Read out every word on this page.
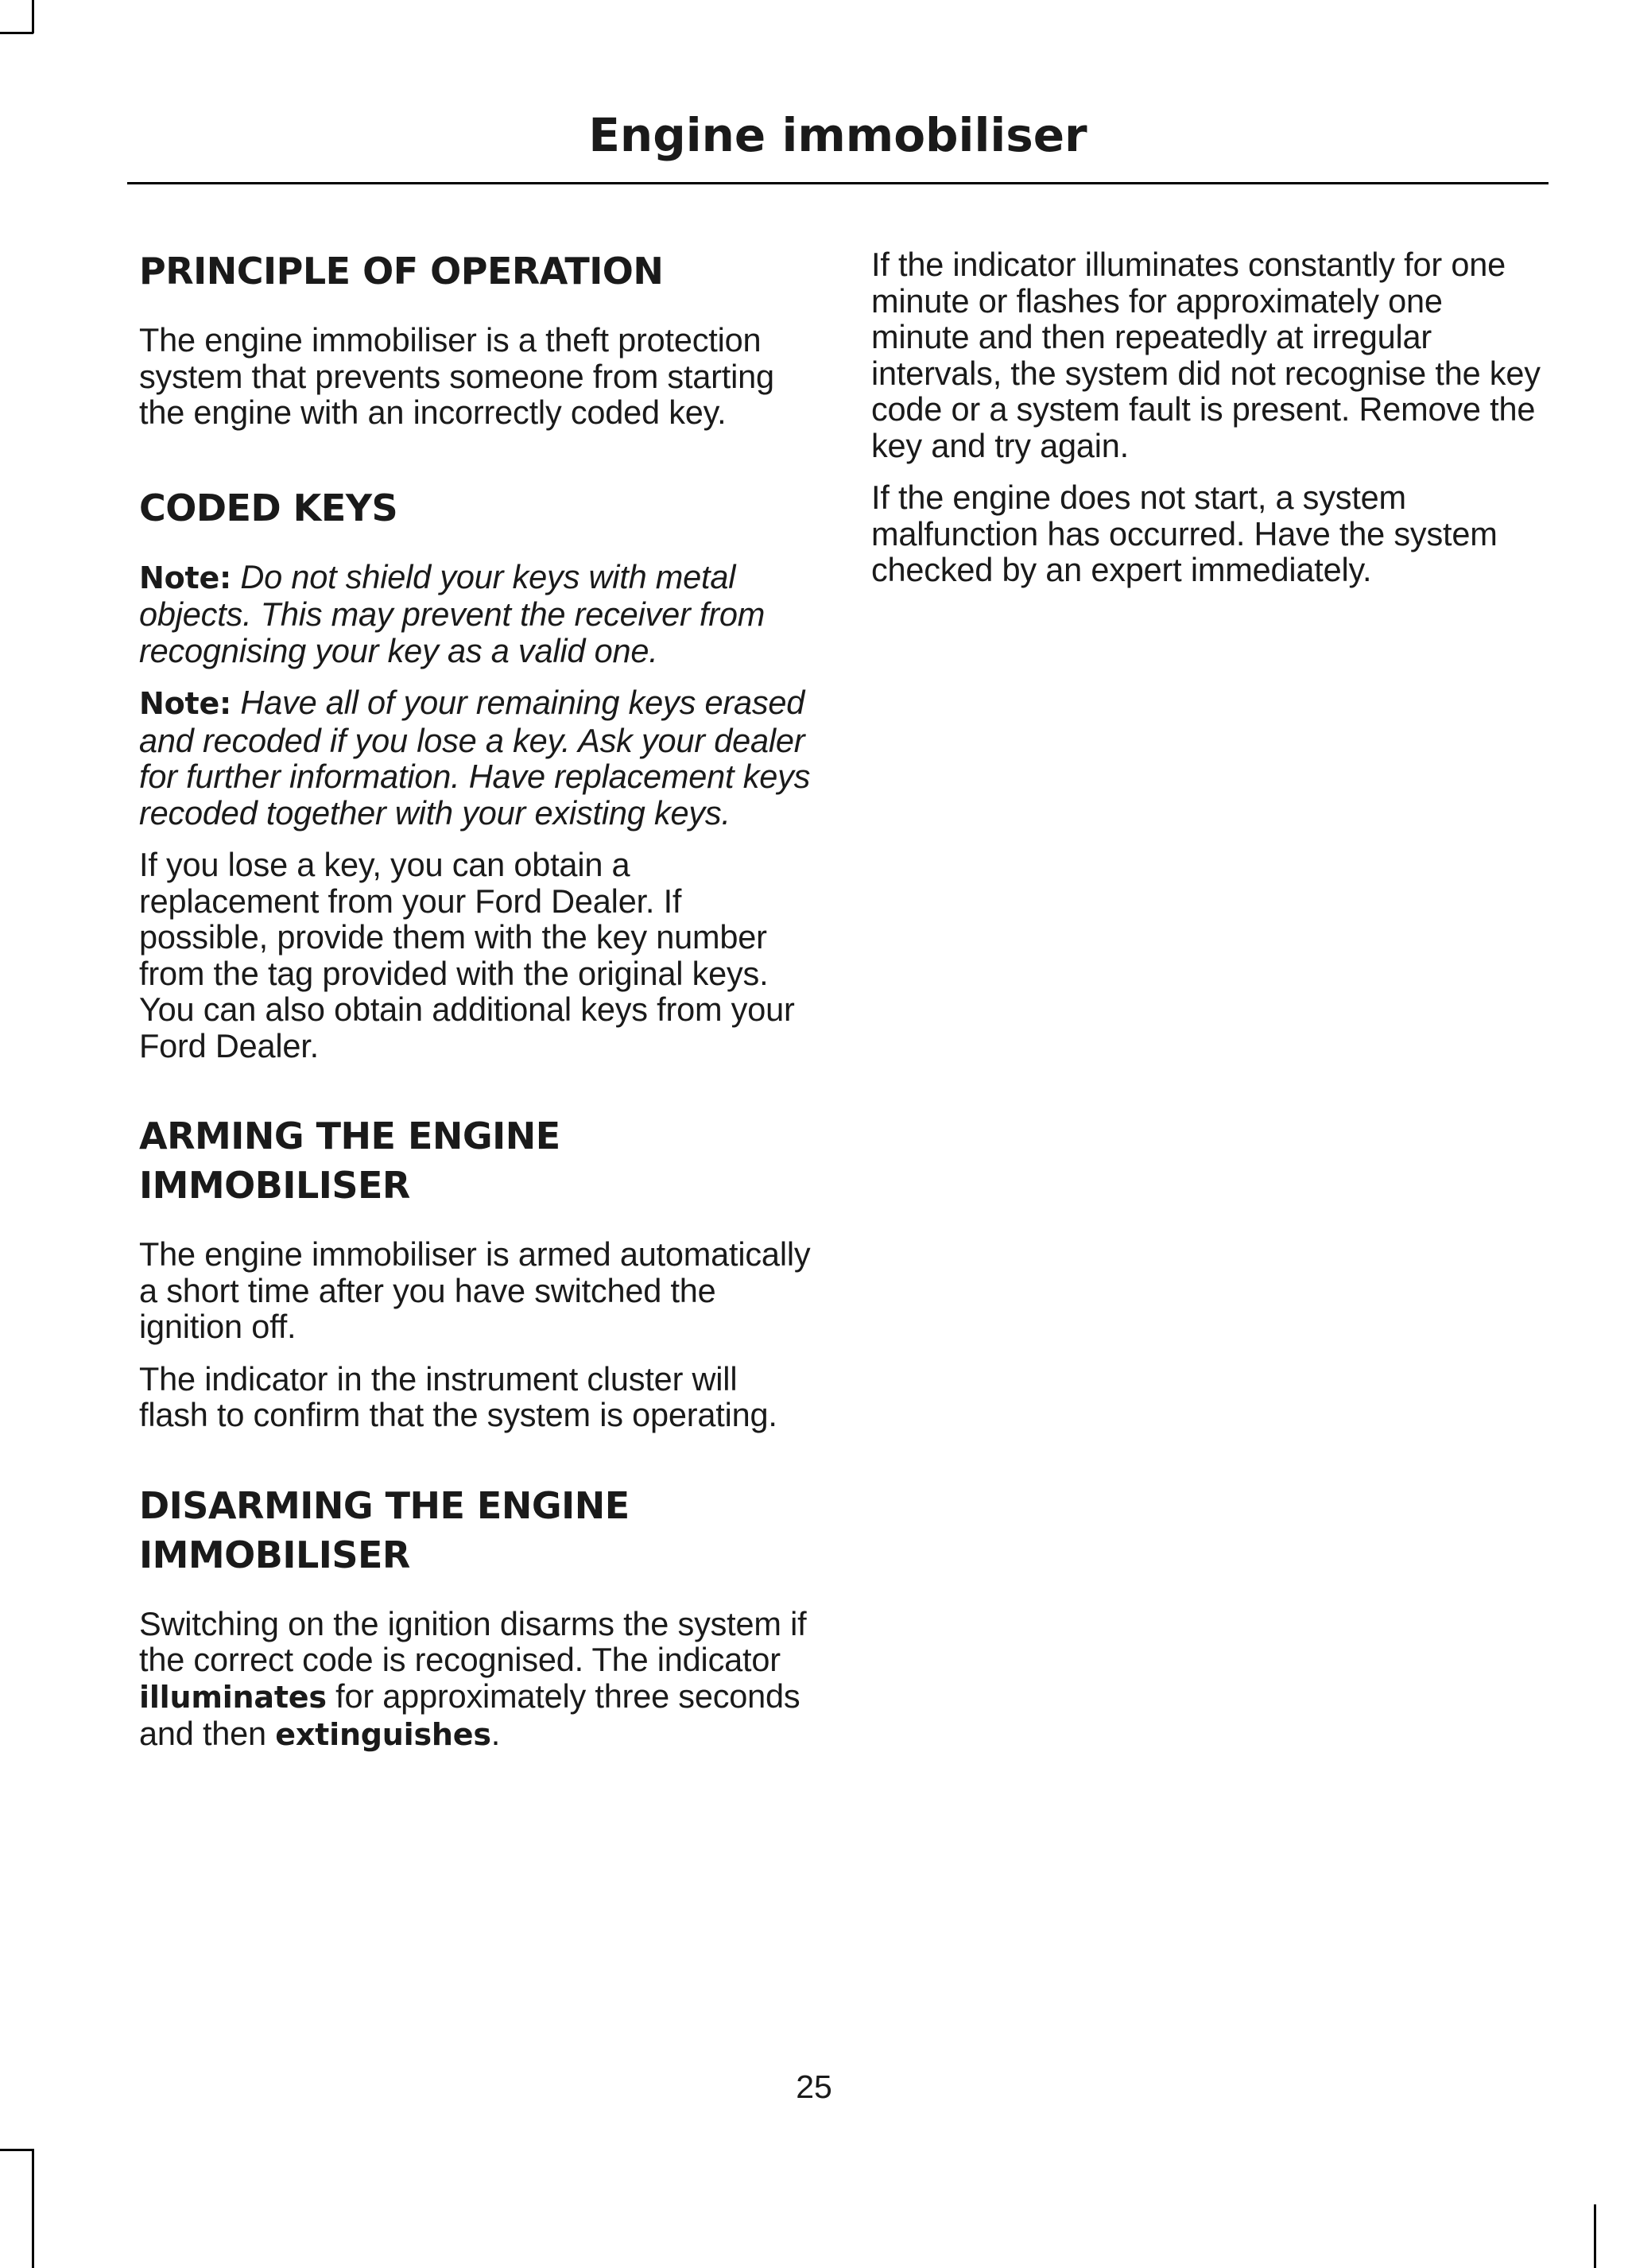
Engine immobiliser
PRINCIPLE OF OPERATION

The engine immobiliser is a theft protection system that prevents someone from starting the engine with an incorrectly coded key.

CODED KEYS

Note: Do not shield your keys with metal objects. This may prevent the receiver from recognising your key as a valid one.

Note: Have all of your remaining keys erased and recoded if you lose a key. Ask your dealer for further information. Have replacement keys recoded together with your existing keys.

If you lose a key, you can obtain a replacement from your Ford Dealer. If possible, provide them with the key number from the tag provided with the original keys. You can also obtain additional keys from your Ford Dealer.

ARMING THE ENGINE
IMMOBILISER

The engine immobiliser is armed automatically a short time after you have switched the ignition off.

The indicator in the instrument cluster will flash to confirm that the system is operating.

DISARMING THE ENGINE
IMMOBILISER

Switching on the ignition disarms the system if the correct code is recognised. The indicator illuminates for approximately three seconds and then extinguishes.

If the indicator illuminates constantly for one minute or flashes for approximately one minute and then repeatedly at irregular intervals, the system did not recognise the key code or a system fault is present. Remove the key and try again.

If the engine does not start, a system malfunction has occurred. Have the system checked by an expert immediately.

25
